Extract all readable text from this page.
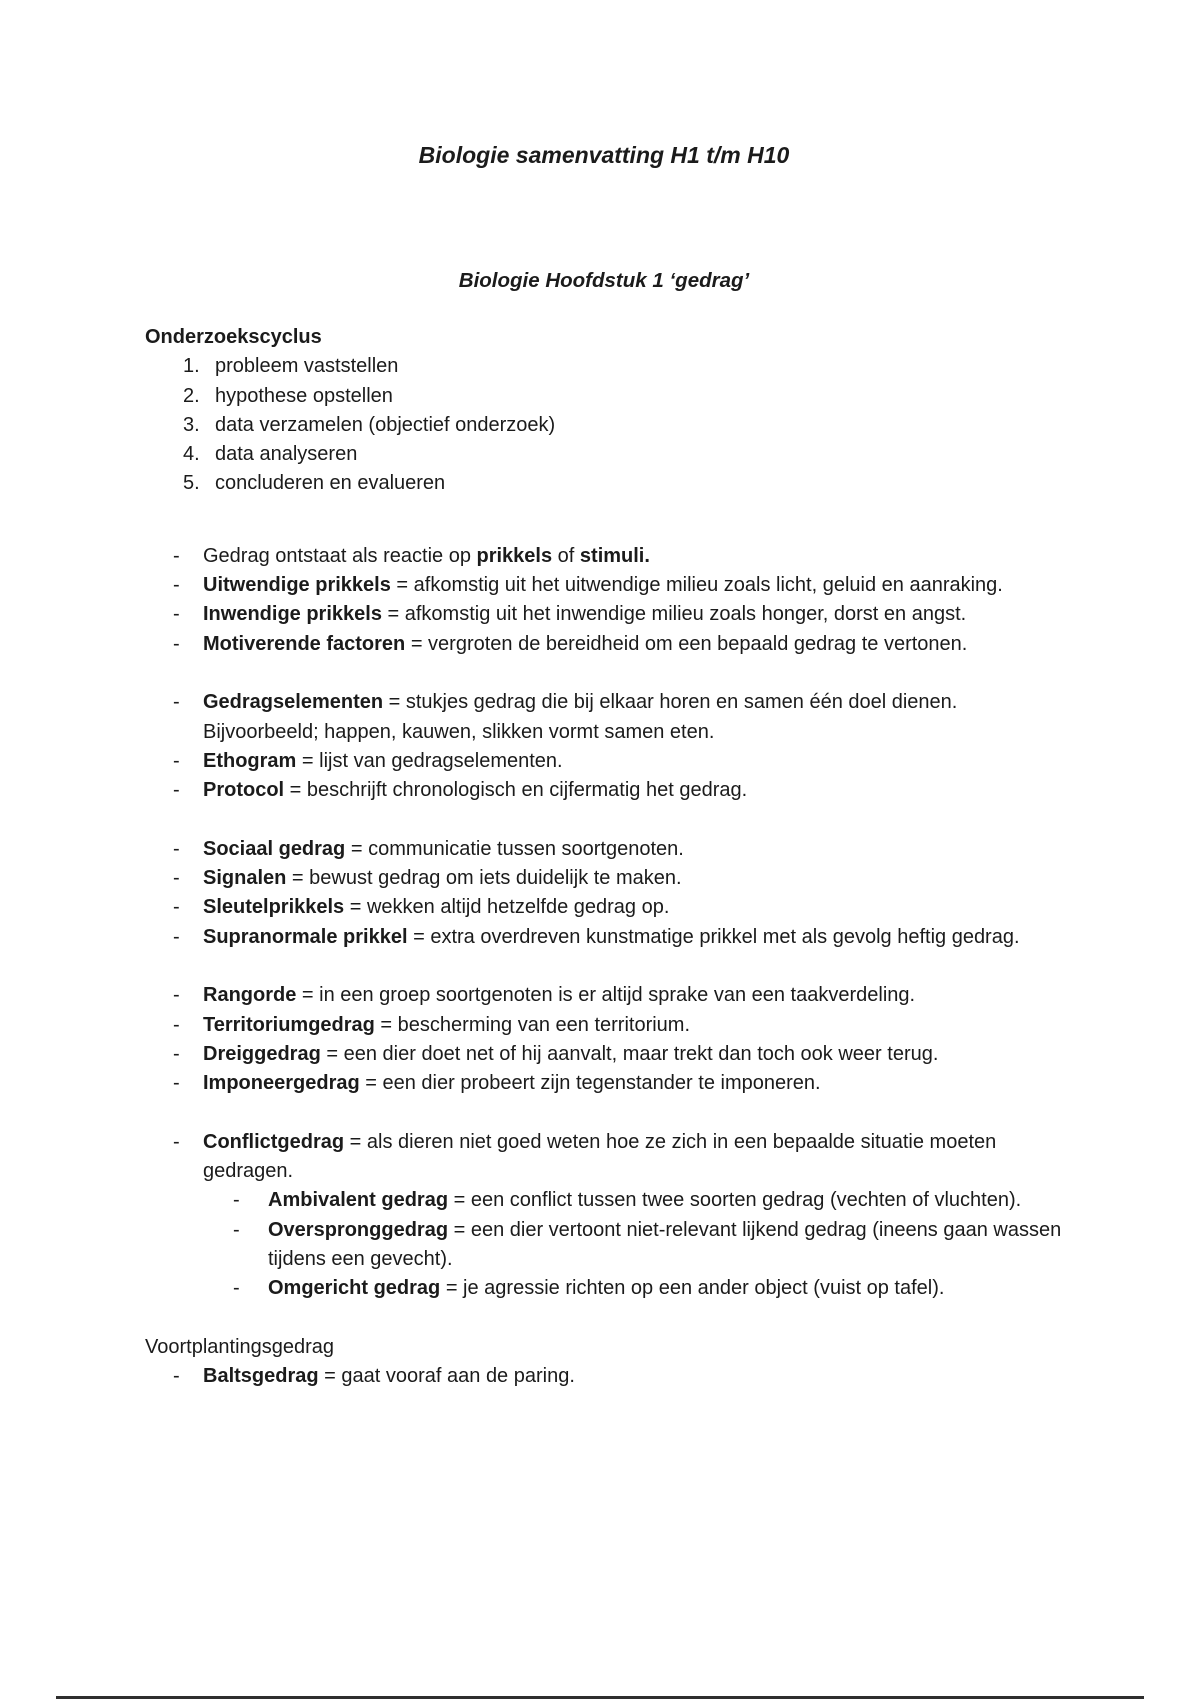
Biologie samenvatting H1 t/m H10
Biologie Hoofdstuk 1 ‘gedrag’
Onderzoekscyclus
1. probleem vaststellen
2. hypothese opstellen
3. data verzamelen (objectief onderzoek)
4. data analyseren
5. concluderen en evalueren
-	Gedrag ontstaat als reactie op prikkels of stimuli.
-	Uitwendige prikkels = afkomstig uit het uitwendige milieu zoals licht, geluid en aanraking.
-	Inwendige prikkels = afkomstig uit het inwendige milieu zoals honger, dorst en angst.
-	Motiverende factoren = vergroten de bereidheid om een bepaald gedrag te vertonen.
-	Gedragselementen = stukjes gedrag die bij elkaar horen en samen één doel dienen. Bijvoorbeeld; happen, kauwen, slikken vormt samen eten.
-	Ethogram = lijst van gedragselementen.
-	Protocol = beschrijft chronologisch en cijfermatig het gedrag.
-	Sociaal gedrag = communicatie tussen soortgenoten.
-	Signalen = bewust gedrag om iets duidelijk te maken.
-	Sleutelprikkels = wekken altijd hetzelfde gedrag op.
-	Supranormale prikkel = extra overdreven kunstmatige prikkel met als gevolg heftig gedrag.
-	Rangorde = in een groep soortgenoten is er altijd sprake van een taakverdeling.
-	Territoriumgedrag = bescherming van een territorium.
-	Dreiggedrag = een dier doet net of hij aanvalt, maar trekt dan toch ook weer terug.
-	Imponeergedrag = een dier probeert zijn tegenstander te imponeren.
-	Conflictgedrag = als dieren niet goed weten hoe ze zich in een bepaalde situatie moeten gedragen.
-	Ambivalent gedrag = een conflict tussen twee soorten gedrag (vechten of vluchten).
-	Overspronggedrag = een dier vertoont niet-relevant lijkend gedrag (ineens gaan wassen tijdens een gevecht).
-	Omgericht gedrag = je agressie richten op een ander object (vuist op tafel).
Voortplantingsgedrag
-	Baltsgedrag = gaat vooraf aan de paring.
